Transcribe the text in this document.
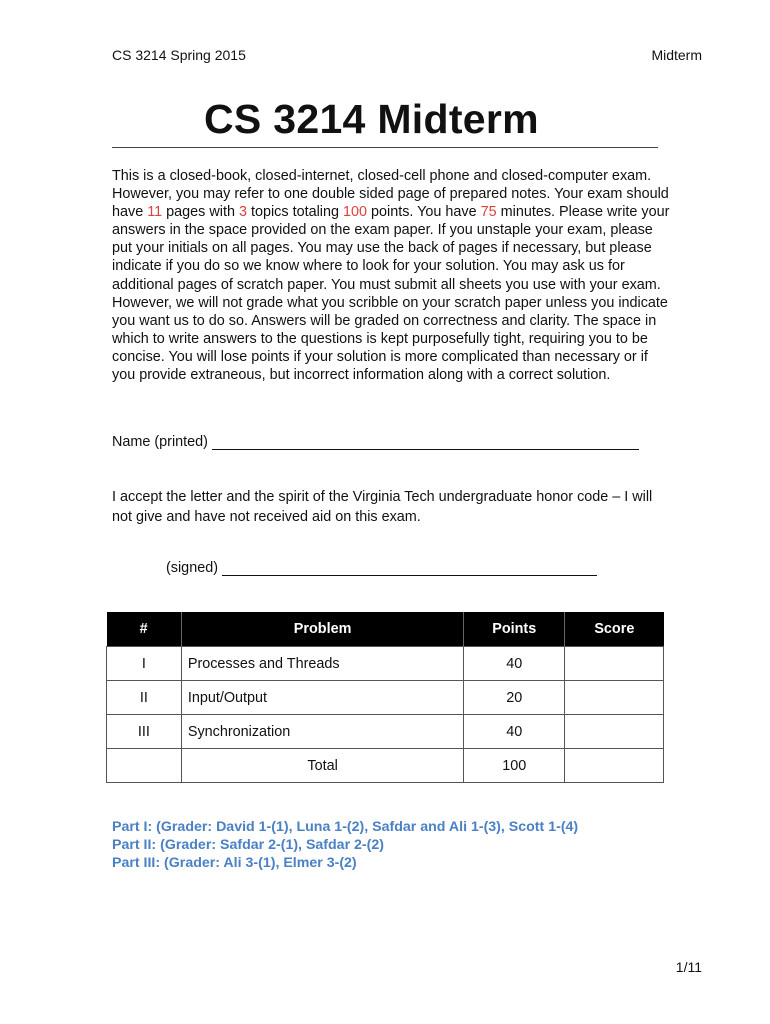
CS 3214 Spring 2015	Midterm
CS 3214 Midterm
This is a closed-book, closed-internet, closed-cell phone and closed-computer exam. However, you may refer to one double sided page of prepared notes. Your exam should have 11 pages with 3 topics totaling 100 points. You have 75 minutes. Please write your answers in the space provided on the exam paper. If you unstaple your exam, please put your initials on all pages. You may use the back of pages if necessary, but please indicate if you do so we know where to look for your solution. You may ask us for additional pages of scratch paper. You must submit all sheets you use with your exam. However, we will not grade what you scribble on your scratch paper unless you indicate you want us to do so. Answers will be graded on correctness and clarity. The space in which to write answers to the questions is kept purposefully tight, requiring you to be concise. You will lose points if your solution is more complicated than necessary or if you provide extraneous, but incorrect information along with a correct solution.
Name (printed)
I accept the letter and the spirit of the Virginia Tech undergraduate honor code – I will not give and have not received aid on this exam.
(signed)
#	Problem	Points	Score
I	Processes and Threads	40	
II	Input/Output	20	
III	Synchronization	40	
	Total	100	
Part I: (Grader: David 1-(1), Luna 1-(2), Safdar and Ali 1-(3), Scott 1-(4)
Part II: (Grader: Safdar 2-(1), Safdar 2-(2)
Part III: (Grader: Ali 3-(1), Elmer 3-(2)
1/11
